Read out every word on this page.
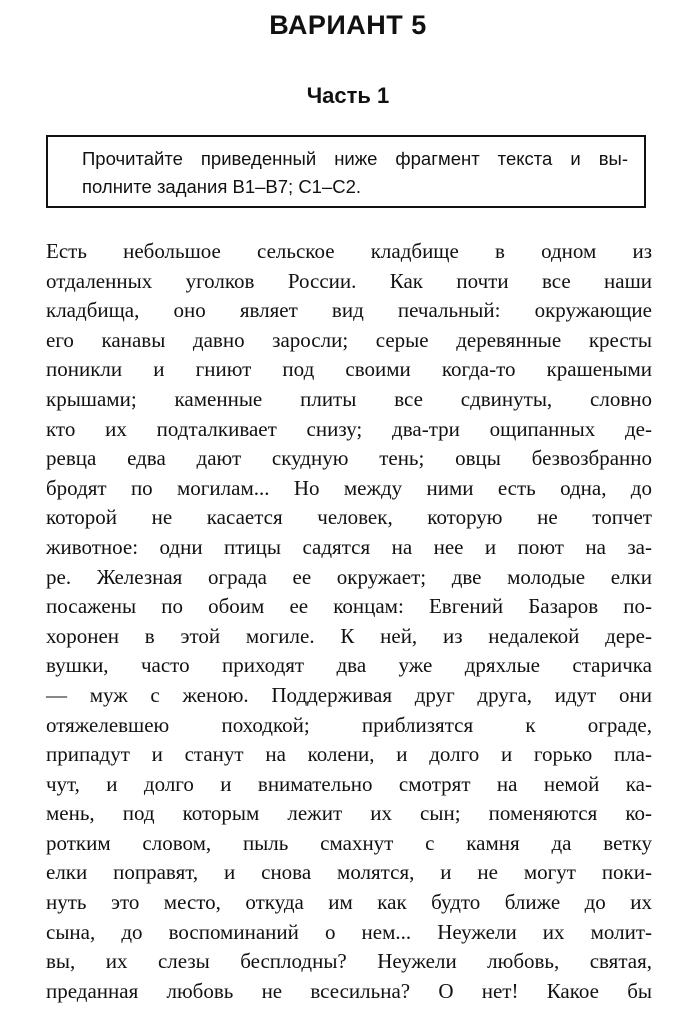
ВАРИАНТ 5
Часть 1
Прочитайте приведенный ниже фрагмент текста и вы-
полните задания В1–В7; С1–С2.
Есть небольшое сельское кладбище в одном из
отдаленных уголков России. Как почти все наши
кладбища, оно являет вид печальный: окружающие
его канавы давно заросли; серые деревянные кресты
поникли и гниют под своими когда-то крашеными
крышами; каменные плиты все сдвинуты, словно
кто их подталкивает снизу; два-три ощипанных де-
ревца едва дают скудную тень; овцы безвозбранно
бродят по могилам... Но между ними есть одна, до
которой не касается человек, которую не топчет
животное: одни птицы садятся на нее и поют на за-
ре. Железная ограда ее окружает; две молодые елки
посажены по обоим ее концам: Евгений Базаров по-
хоронен в этой могиле. К ней, из недалекой дере-
вушки, часто приходят два уже дряхлые старичка
— муж с женою. Поддерживая друг друга, идут они
отяжелевшею походкой; приблизятся к ограде,
припадут и станут на колени, и долго и горько пла-
чут, и долго и внимательно смотрят на немой ка-
мень, под которым лежит их сын; поменяются ко-
ротким словом, пыль смахнут с камня да ветку
елки поправят, и снова молятся, и не могут поки-
нуть это место, откуда им как будто ближе до их
сына, до воспоминаний о нем... Неужели их молит-
вы, их слезы бесплодны? Неужели любовь, святая,
преданная любовь не всесильна? О нет! Какое бы
